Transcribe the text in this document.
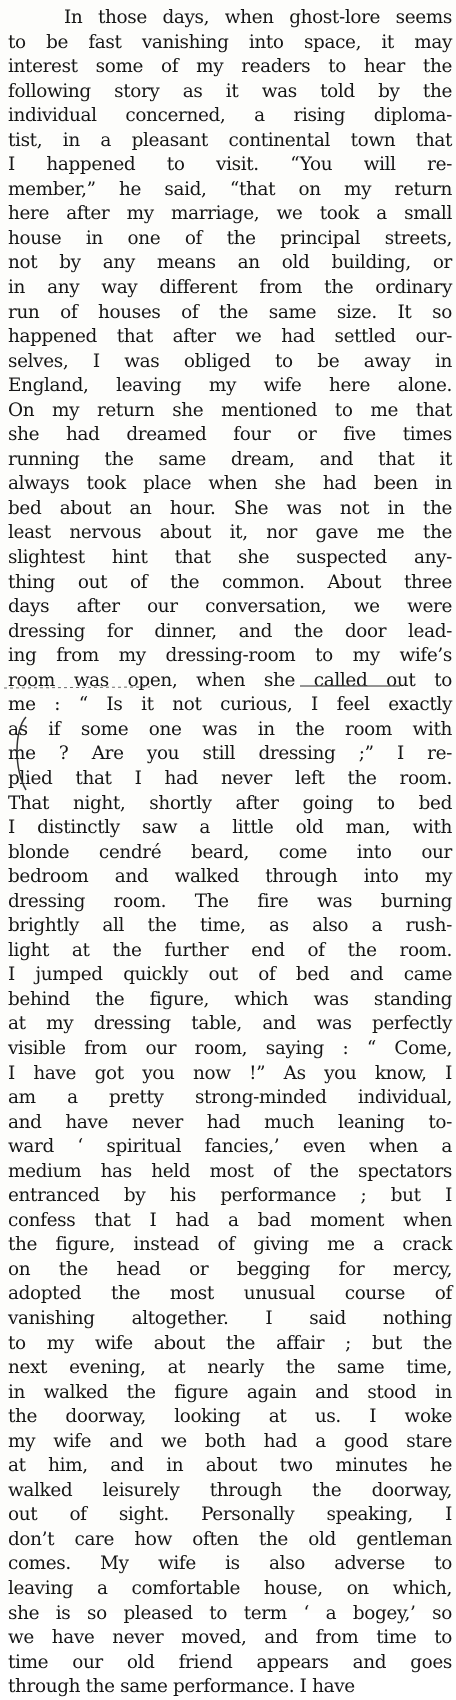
In those days, when ghost-lore seems
to be fast vanishing into space, it may
interest some of my readers to hear the
following story as it was told by the
individual concerned, a rising diploma-
tist, in a pleasant continental town that
I happened to visit. “You will re-
member,” he said, “that on my return
here after my marriage, we took a small
house in one of the principal streets,
not by any means an old building, or
in any way different from the ordinary
run of houses of the same size. It so
happened that after we had settled our-
selves, I was obliged to be away in
England, leaving my wife here alone.
On my return she mentioned to me that
she had dreamed four or five times
running the same dream, and that it
always took place when she had been in
bed about an hour. She was not in the
least nervous about it, nor gave me the
slightest hint that she suspected any-
thing out of the common. About three
days after our conversation, we were
dressing for dinner, and the door lead-
ing from my dressing-room to my wife’s
room was open, when she called out to
me : “ Is it not curious, I feel exactly
as if some one was in the room with
me ? Are you still dressing ;” I re-
plied that I had never left the room.
That night, shortly after going to bed
I distinctly saw a little old man, with
blonde cendré beard, come into our
bedroom and walked through into my
dressing room. The fire was burning
brightly all the time, as also a rush-
light at the further end of the room.
I jumped quickly out of bed and came
behind the figure, which was standing
at my dressing table, and was perfectly
visible from our room, saying : “ Come,
I have got you now !” As you know, I
am a pretty strong-minded individual,
and have never had much leaning to-
ward ‘ spiritual fancies,’ even when a
medium has held most of the spectators
entranced by his performance ; but I
confess that I had a bad moment when
the figure, instead of giving me a crack
on the head or begging for mercy,
adopted the most unusual course of
vanishing altogether. I said nothing
to my wife about the affair ; but the
next evening, at nearly the same time,
in walked the figure again and stood in
the doorway, looking at us. I woke
my wife and we both had a good stare
at him, and in about two minutes he
walked leisurely through the doorway,
out of sight. Personally speaking, I
don’t care how often the old gentleman
comes. My wife is also adverse to
leaving a comfortable house, on which,
she is so pleased to term ‘ a bogey,’ so
we have never moved, and from time to
time our old friend appears and goes
through the same performance. I have
